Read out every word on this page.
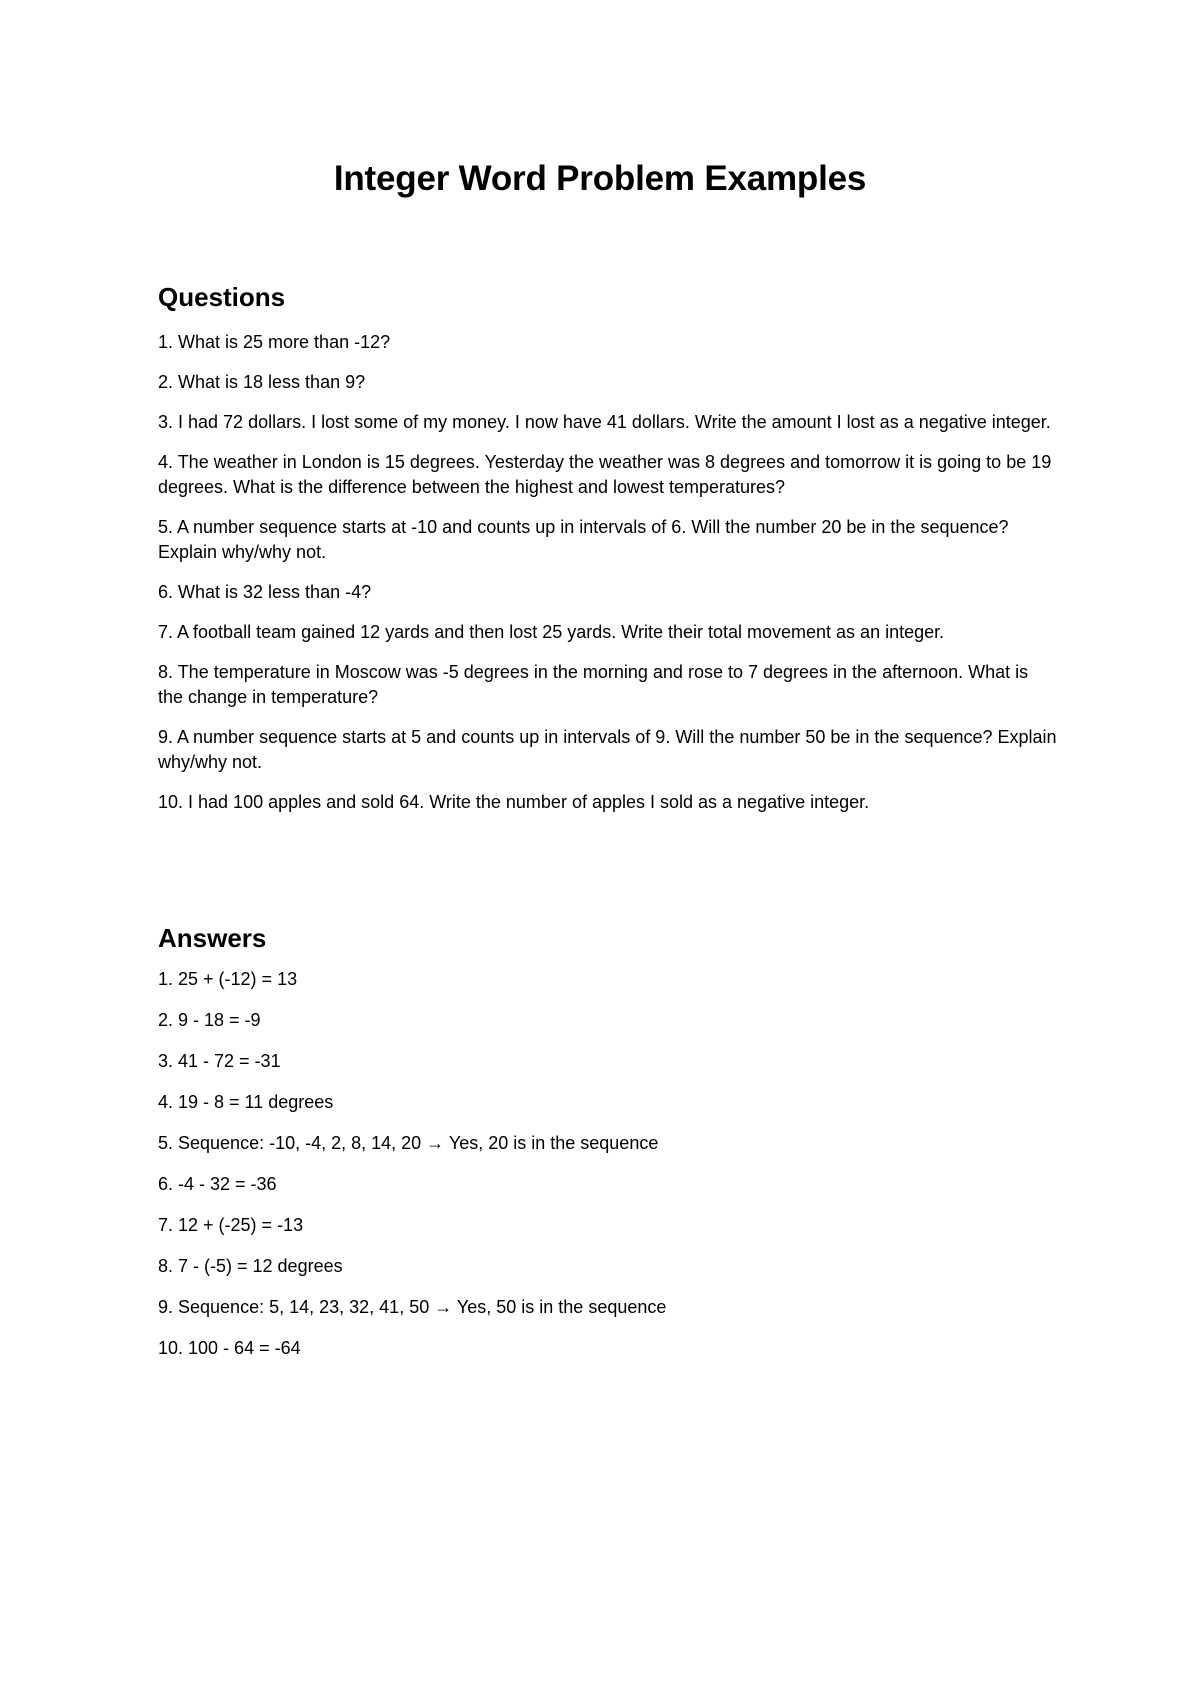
Integer Word Problem Examples
Questions
1. What is 25 more than -12?
2. What is 18 less than 9?
3. I had 72 dollars. I lost some of my money. I now have 41 dollars. Write the amount I lost as a negative integer.
4. The weather in London is 15 degrees. Yesterday the weather was 8 degrees and tomorrow it is going to be 19 degrees. What is the difference between the highest and lowest temperatures?
5. A number sequence starts at -10 and counts up in intervals of 6. Will the number 20 be in the sequence? Explain why/why not.
6. What is 32 less than -4?
7. A football team gained 12 yards and then lost 25 yards. Write their total movement as an integer.
8. The temperature in Moscow was -5 degrees in the morning and rose to 7 degrees in the afternoon. What is the change in temperature?
9. A number sequence starts at 5 and counts up in intervals of 9. Will the number 50 be in the sequence? Explain why/why not.
10. I had 100 apples and sold 64. Write the number of apples I sold as a negative integer.
Answers
1. 25 + (-12) = 13
2. 9 - 18 = -9
3. 41 - 72 = -31
4. 19 - 8 = 11 degrees
5. Sequence: -10, -4, 2, 8, 14, 20 → Yes, 20 is in the sequence
6. -4 - 32 = -36
7. 12 + (-25) = -13
8. 7 - (-5) = 12 degrees
9. Sequence: 5, 14, 23, 32, 41, 50 → Yes, 50 is in the sequence
10. 100 - 64 = -64
